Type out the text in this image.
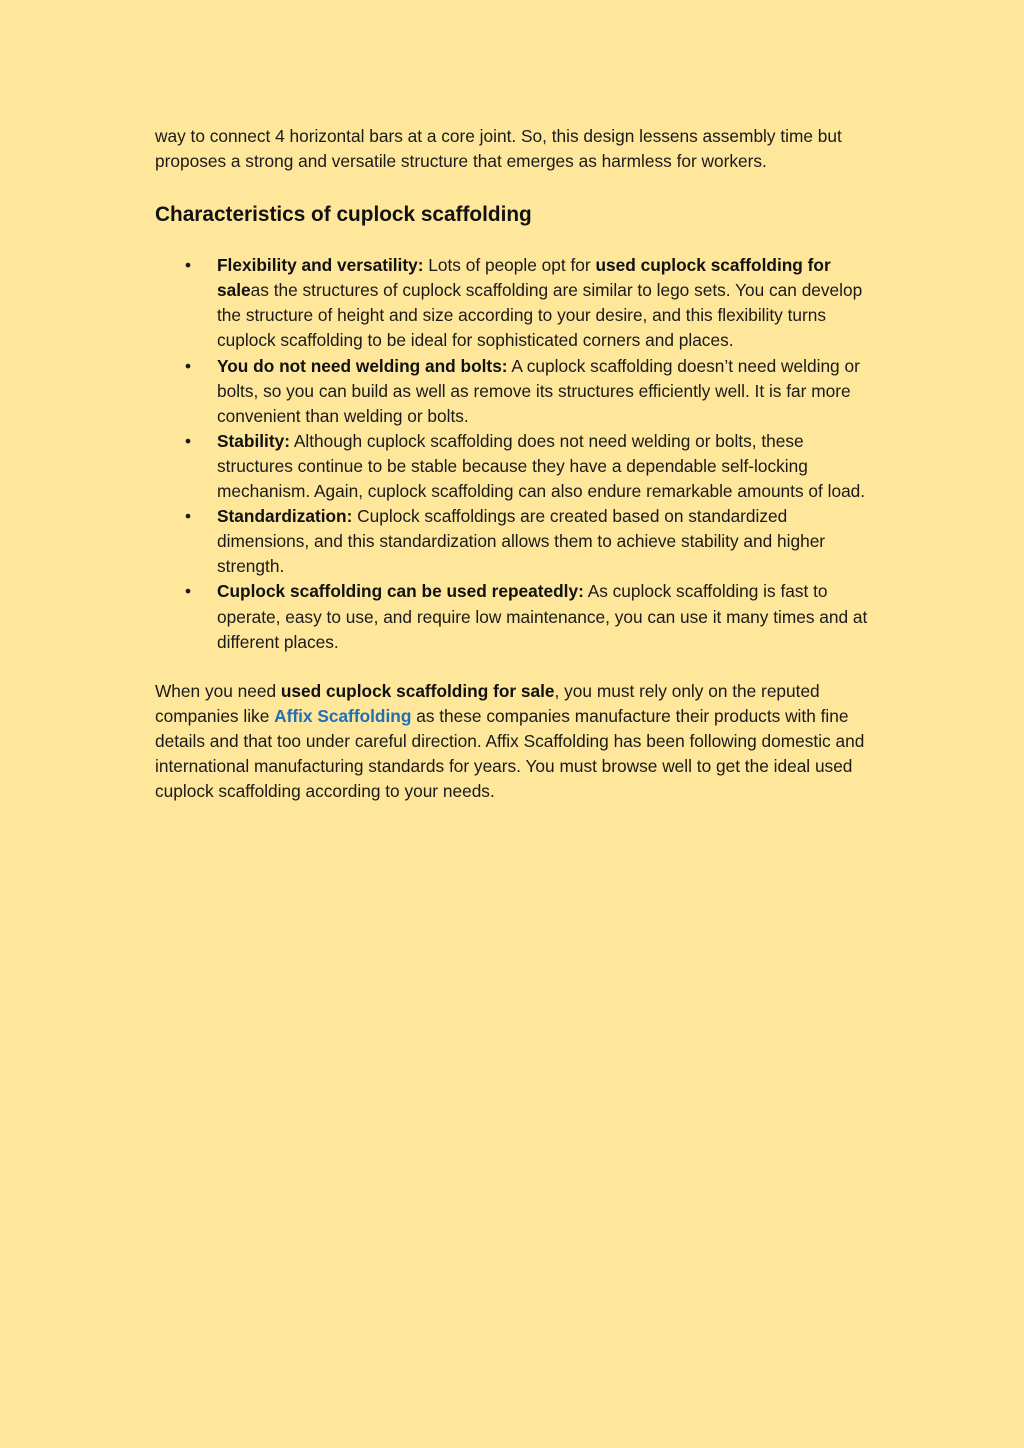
way to connect 4 horizontal bars at a core joint. So, this design lessens assembly time but proposes a strong and versatile structure that emerges as harmless for workers.

Characteristics of cuplock scaffolding
• Flexibility and versatility: Lots of people opt for used cuplock scaffolding for saleas the structures of cuplock scaffolding are similar to lego sets. You can develop the structure of height and size according to your desire, and this flexibility turns cuplock scaffolding to be ideal for sophisticated corners and places.
• You do not need welding and bolts: A cuplock scaffolding doesn’t need welding or bolts, so you can build as well as remove its structures efficiently well. It is far more convenient than welding or bolts.
• Stability: Although cuplock scaffolding does not need welding or bolts, these structures continue to be stable because they have a dependable self-locking mechanism. Again, cuplock scaffolding can also endure remarkable amounts of load.
• Standardization: Cuplock scaffoldings are created based on standardized dimensions, and this standardization allows them to achieve stability and higher strength.
• Cuplock scaffolding can be used repeatedly: As cuplock scaffolding is fast to operate, easy to use, and require low maintenance, you can use it many times and at different places.

When you need used cuplock scaffolding for sale, you must rely only on the reputed companies like Affix Scaffolding as these companies manufacture their products with fine details and that too under careful direction. Affix Scaffolding has been following domestic and international manufacturing standards for years. You must browse well to get the ideal used cuplock scaffolding according to your needs.
